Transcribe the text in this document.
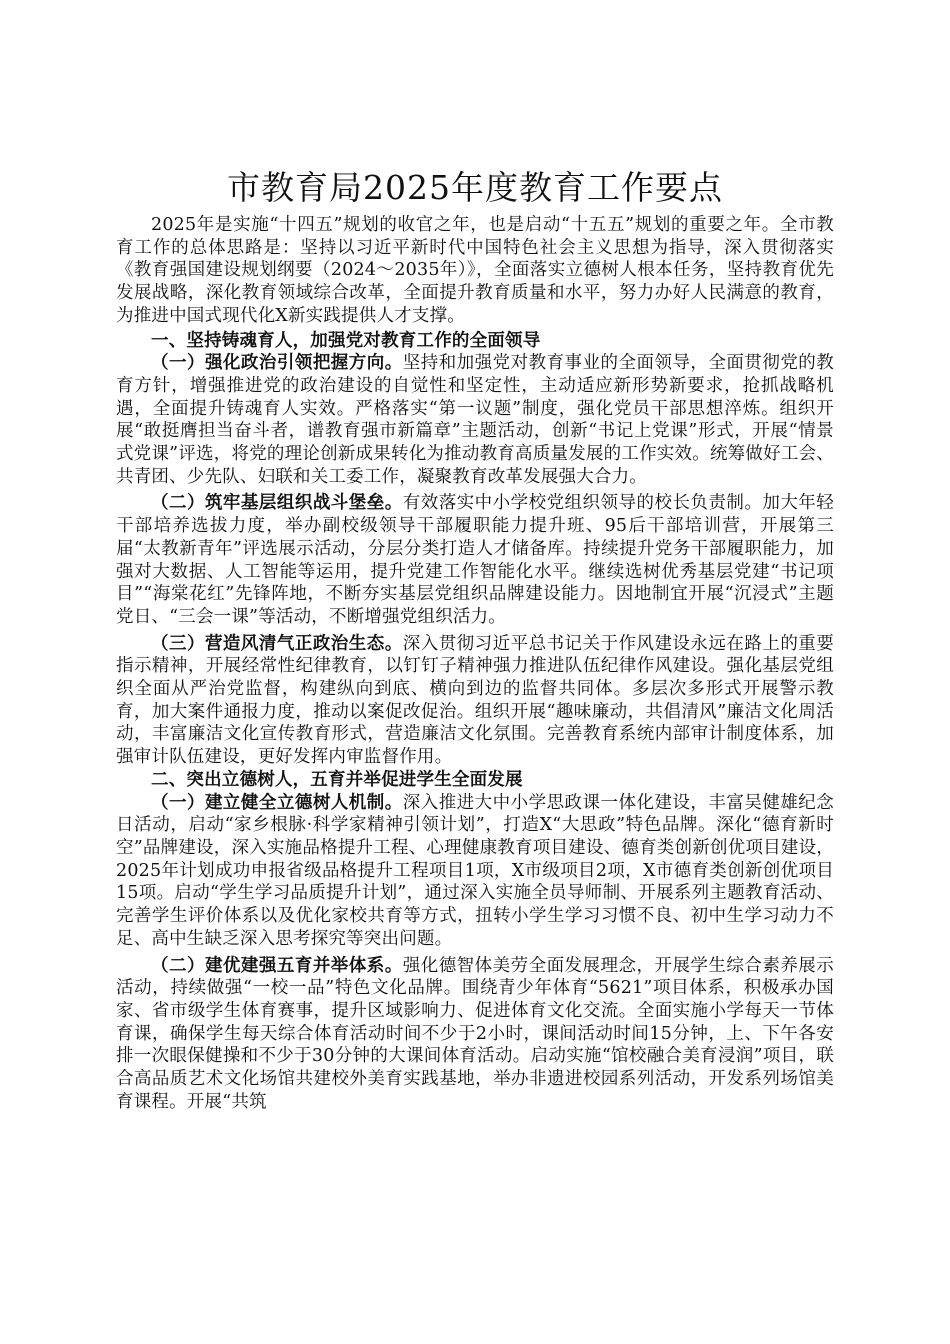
市教育局2025年度教育工作要点

2025年是实施“十四五”规划的收官之年，也是启动“十五五”规划的重要之年。全市教育工作的总体思路是：坚持以习近平新时代中国特色社会主义思想为指导，深入贯彻落实《教育强国建设规划纲要（2024～2035年）》，全面落实立德树人根本任务，坚持教育优先发展战略，深化教育领域综合改革，全面提升教育质量和水平，努力办好人民满意的教育，为推进中国式现代化X新实践提供人才支撑。

一、坚持铸魂育人，加强党对教育工作的全面领导

（一）强化政治引领把握方向。坚持和加强党对教育事业的全面领导，全面贯彻党的教育方针，增强推进党的政治建设的自觉性和坚定性，主动适应新形势新要求，抢抓战略机遇，全面提升铸魂育人实效。严格落实“第一议题”制度，强化党员干部思想淬炼。组织开展“敢挺膺担当奋斗者，谱教育强市新篇章”主题活动，创新“书记上党课”形式，开展“情景式党课”评选，将党的理论创新成果转化为推动教育高质量发展的工作实效。统筹做好工会、共青团、少先队、妇联和关工委工作，凝聚教育改革发展强大合力。

（二）筑牢基层组织战斗堡垒。有效落实中小学校党组织领导的校长负责制。加大年轻干部培养选拔力度，举办副校级领导干部履职能力提升班、95后干部培训营，开展第三届“太教新青年”评选展示活动，分层分类打造人才储备库。持续提升党务干部履职能力，加强对大数据、人工智能等运用，提升党建工作智能化水平。继续选树优秀基层党建“书记项目”“海棠花红”先锋阵地，不断夯实基层党组织品牌建设能力。因地制宜开展“沉浸式”主题党日、“三会一课”等活动，不断增强党组织活力。

（三）营造风清气正政治生态。深入贯彻习近平总书记关于作风建设永远在路上的重要指示精神，开展经常性纪律教育，以钉钉子精神强力推进队伍纪律作风建设。强化基层党组织全面从严治党监督，构建纵向到底、横向到边的监督共同体。多层次多形式开展警示教育，加大案件通报力度，推动以案促改促治。组织开展“趣味廉动，共倡清风”廉洁文化周活动，丰富廉洁文化宣传教育形式，营造廉洁文化氛围。完善教育系统内部审计制度体系，加强审计队伍建设，更好发挥内审监督作用。

二、突出立德树人，五育并举促进学生全面发展

（一）建立健全立德树人机制。深入推进大中小学思政课一体化建设，丰富吴健雄纪念日活动，启动“家乡根脉·科学家精神引领计划”，打造X“大思政”特色品牌。深化“德育新时空”品牌建设，深入实施品格提升工程、心理健康教育项目建设、德育类创新创优项目建设，2025年计划成功申报省级品格提升工程项目1项，X市级项目2项，X市德育类创新创优项目15项。启动“学生学习品质提升计划”，通过深入实施全员导师制、开展系列主题教育活动、完善学生评价体系以及优化家校共育等方式，扭转小学生学习习惯不良、初中生学习动力不足、高中生缺乏深入思考探究等突出问题。

（二）建优建强五育并举体系。强化德智体美劳全面发展理念，开展学生综合素养展示活动，持续做强“一校一品”特色文化品牌。围绕青少年体育“5621”项目体系，积极承办国家、省市级学生体育赛事，提升区域影响力、促进体育文化交流。全面实施小学每天一节体育课，确保学生每天综合体育活动时间不少于2小时，课间活动时间15分钟，上、下午各安排一次眼保健操和不少于30分钟的大课间体育活动。启动实施“馆校融合美育浸润”项目，联合高品质艺术文化场馆共建校外美育实践基地，举办非遗进校园系列活动，开发系列场馆美育课程。开展“共筑
